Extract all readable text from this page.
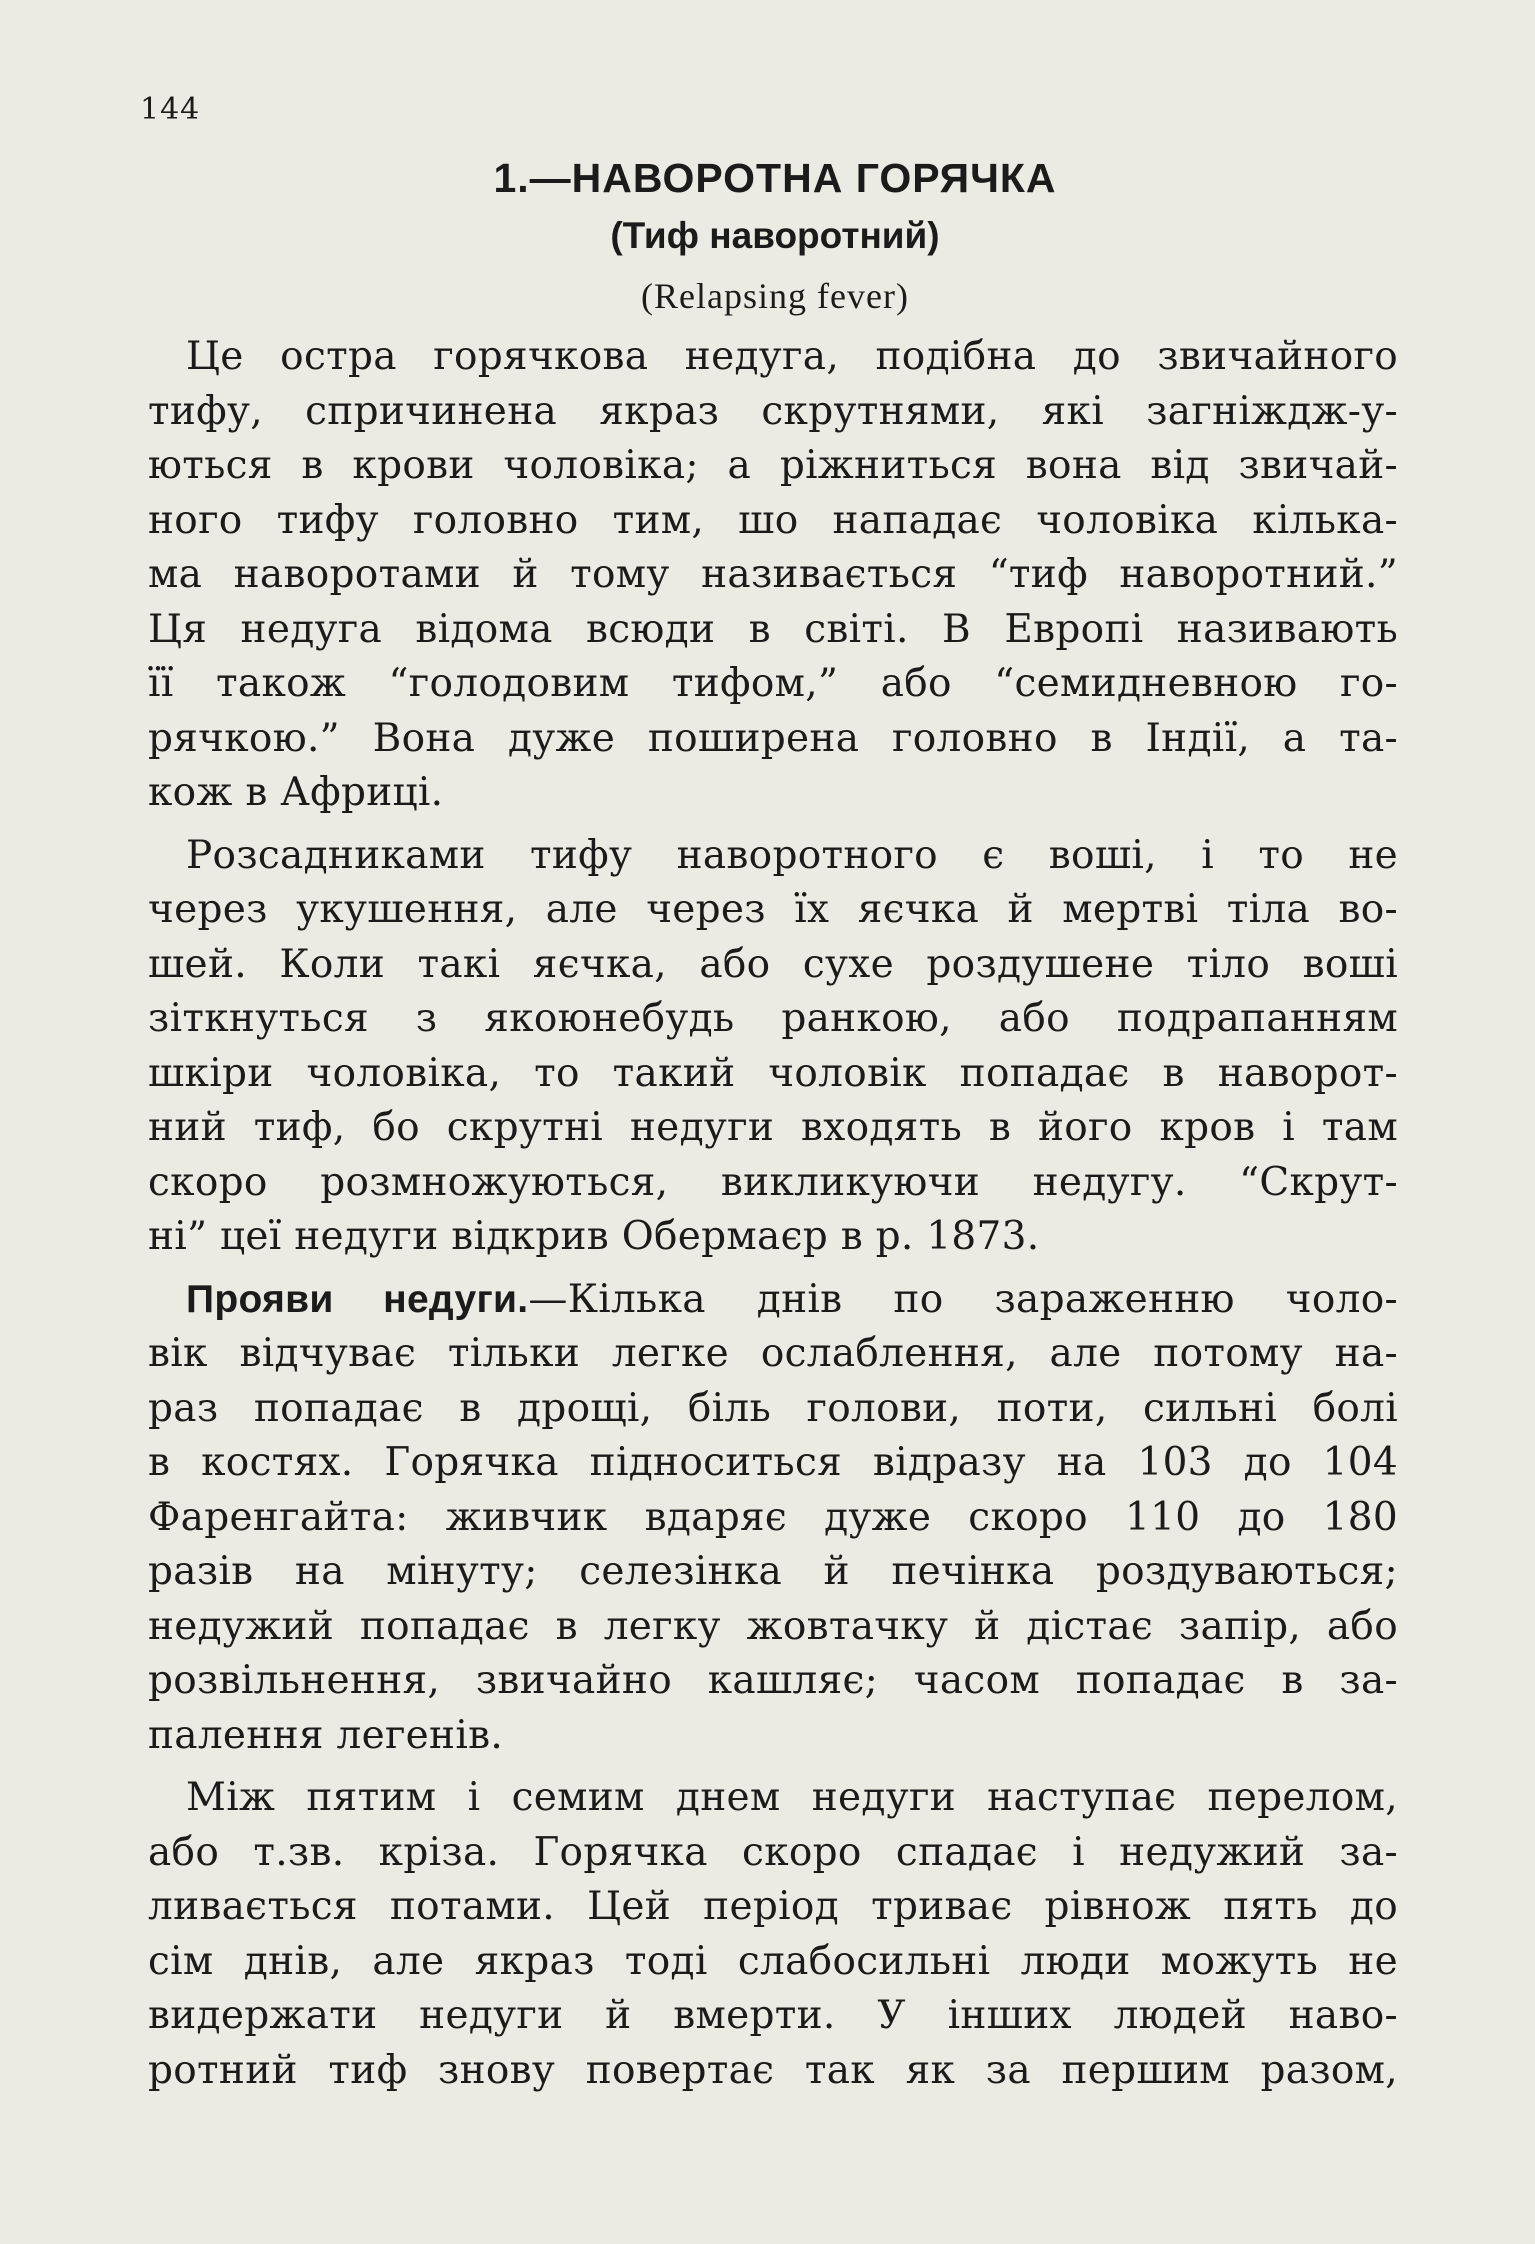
144
1.—НАВОРОТНА ГОРЯЧКА
(Тиф наворотний)
(Relapsing fever)
Це остра горячкова недуга, подібна до звичайного
тифу, спричинена якраз скрутнями, які загніждж-у-
ються в крови чоловіка; а ріжниться вона від звичай-
ного тифу головно тим, шо нападає чоловіка кілька-
ма наворотами й тому називається “тиф наворотний.”
Ця недуга відома всюди в світі. В Европі називають
її також “голодовим тифом,” або “семидневною го-
рячкою.” Вона дуже поширена головно в Індії, а та-
кож в Африці.
Розсадниками тифу наворотного є воші, і то не
через укушення, але через їх яєчка й мертві тіла во-
шей. Коли такі яєчка, або сухе роздушене тіло воші
зіткнуться з якоюнебудь ранкою, або подрапанням
шкіри чоловіка, то такий чоловік попадає в наворот-
ний тиф, бо скрутні недуги входять в його кров і там
скоро розмножуються, викликуючи недугу. “Скрут-
ні” цеї недуги відкрив Обермаєр в р. 1873.
Прояви недуги.—Кілька днів по зараженню чоло-
вік відчуває тільки легке ослаблення, але потому на-
раз попадає в дрощі, біль голови, поти, сильні болі
в костях. Горячка підноситься відразу на 103 до 104
Фаренгайта: живчик вдаряє дуже скоро 110 до 180
разів на мінуту; селезінка й печінка роздуваються;
недужий попадає в легку жовтачку й дістає запір, або
розвільнення, звичайно кашляє; часом попадає в за-
палення легенів.
Між пятим і семим днем недуги наступає перелом,
або т.зв. кріза. Горячка скоро спадає і недужий за-
ливається потами. Цей період триває рівнож пять до
сім днів, але якраз тоді слабосильні люди можуть не
видержати недуги й вмерти. У інших людей наво-
ротний тиф знову повертає так як за першим разом,
